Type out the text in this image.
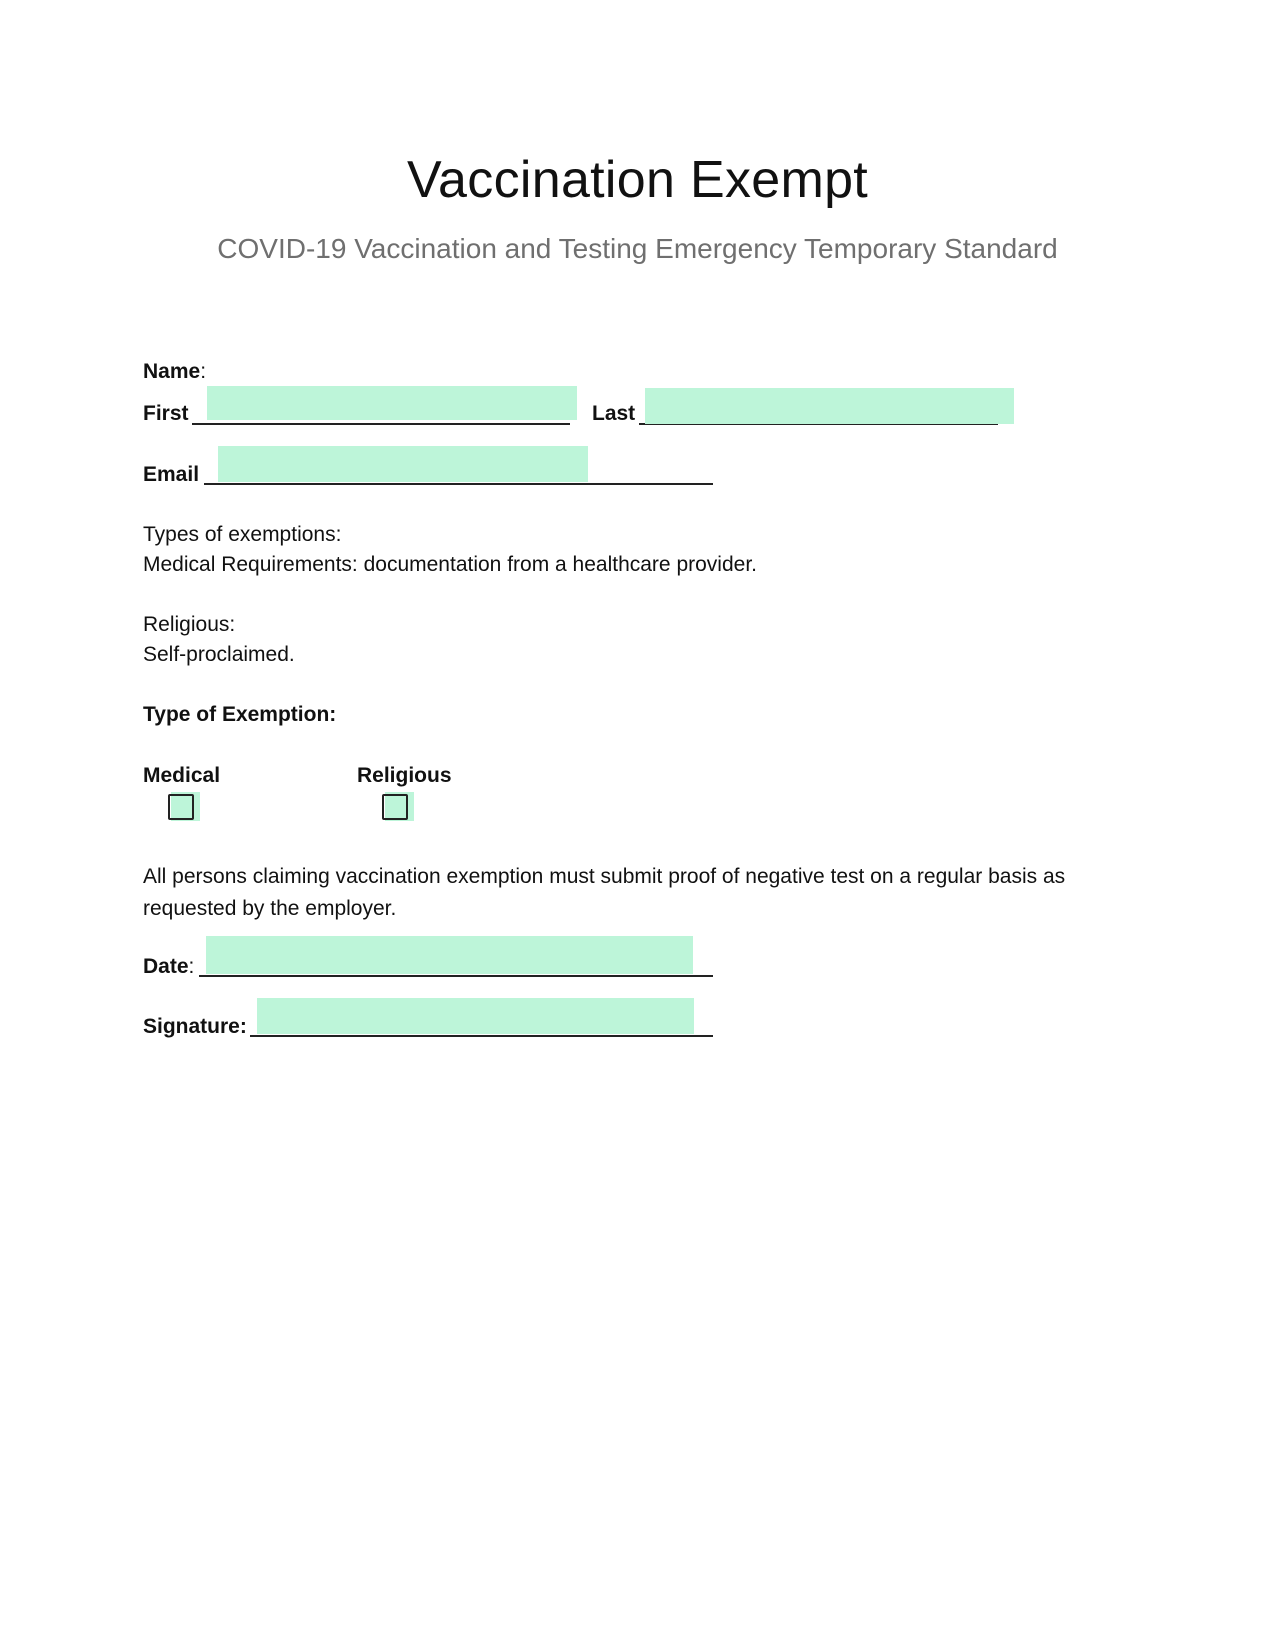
Vaccination Exempt
COVID-19 Vaccination and Testing Emergency Temporary Standard
Name:
First	Last
Email
Types of exemptions:
Medical Requirements: documentation from a healthcare provider.
Religious:
Self-proclaimed.
Type of Exemption:
Medical	Religious
All persons claiming vaccination exemption must submit proof of negative test on a regular basis as requested by the employer.
Date:
Signature:
